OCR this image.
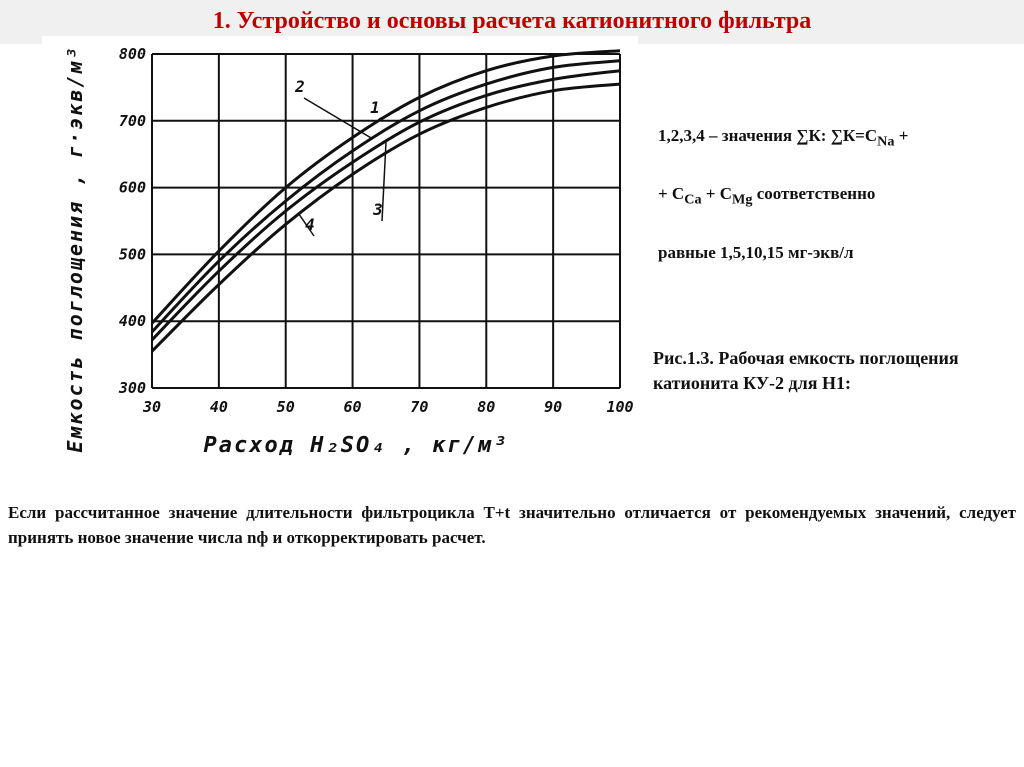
1. Устройство и основы расчета катионитного фильтра
30	40	50	60	70	80	90	100
300
400
500
600
700
800
Расход H₂SO₄ , кг/м³
Емкость поглощения , г·экв/м³	1
2
3
4

1,2,3,4 – значения ∑К: $\sum К=С_{Na}$ +

+ $С_{Ca} + С_{Mg}$ соответственно

равные 1,5,10,15 мг-экв/л

Рис.1.3. Рабочая емкость поглощения катионита КУ-2 для Н1:
Если рассчитанное значение длительности фильтроцикла Т+t значительно отличается от рекомендуемых значений, следует принять новое значение числа nф и откорректировать расчет.
